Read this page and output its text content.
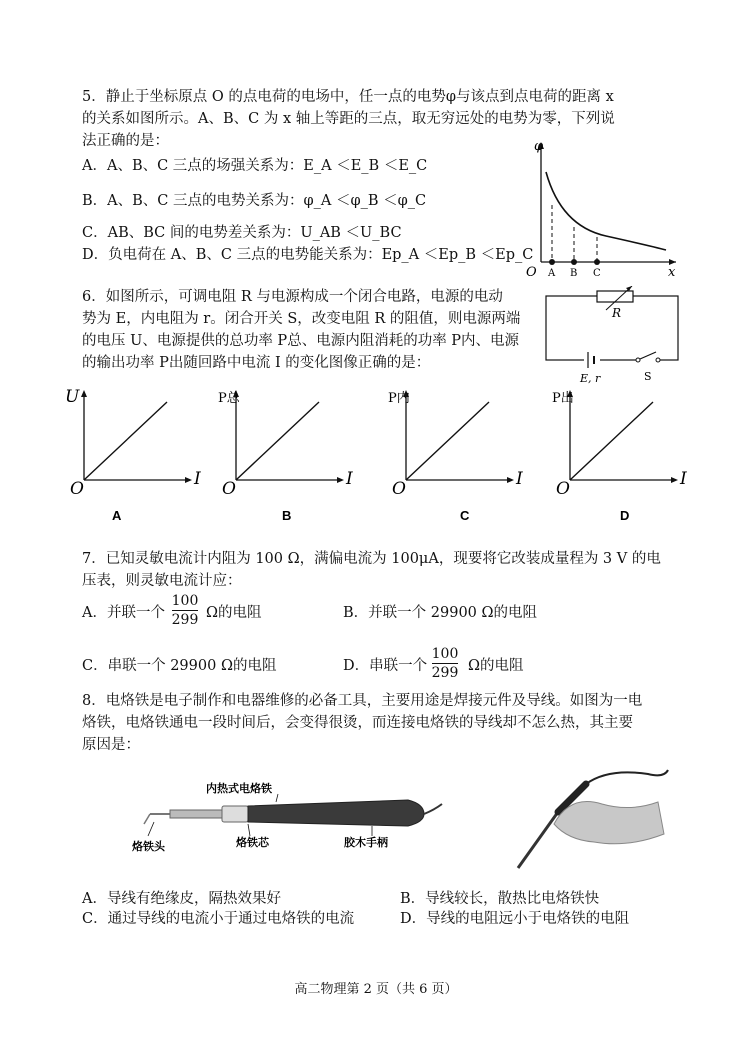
5．静止于坐标原点 O 的点电荷的电场中，任一点的电势φ与该点到点电荷的距离 x
的关系如图所示。A、B、C 为 x 轴上等距的三点，取无穷远处的电势为零，下列说
法正确的是：
A．A、B、C 三点的场强关系为：E_A ＜E_B ＜E_C
B．A、B、C 三点的电势关系为：φ_A ＜φ_B ＜φ_C
C．AB、BC 间的电势差关系为：U_AB ＜U_BC
D．负电荷在 A、B、C 三点的电势能关系为：Ep_A ＜Ep_B ＜Ep_C
φ
x
O A B C
6．如图所示，可调电阻 R 与电源构成一个闭合电路，电源的电动
势为 E，内电阻为 r。闭合开关 S，改变电阻 R 的阻值，则电源两端
的电压 U、电源提供的总功率 P总、电源内阻消耗的功率 P内、电源
的输出功率 P出随回路中电流 I 的变化图像正确的是：
R
E, r	S
U
O	I
A
P总
O	I
B
P内
O	I
C
P出
O	I
D
7．已知灵敏电流计内阻为 100 Ω，满偏电流为 100μA，现要将它改装成量程为 3 V 的电
压表，则灵敏电流计应：
A．并联一个
100
299 Ω的电阻	B．并联一个 29900 Ω的电阻
C．串联一个 29900 Ω的电阻	D．串联一个
100
299 Ω的电阻
8．电烙铁是电子制作和电器维修的必备工具，主要用途是焊接元件及导线。如图为一电
烙铁，电烙铁通电一段时间后，会变得很烫，而连接电烙铁的导线却不怎么热，其主要
原因是：
内热式电烙铁
烙铁头	烙铁芯	胶木手柄
A．导线有绝缘皮，隔热效果好	B．导线较长，散热比电烙铁快
C．通过导线的电流小于通过电烙铁的电流	D．导线的电阻远小于电烙铁的电阻
高二物理第 2 页（共 6 页）
